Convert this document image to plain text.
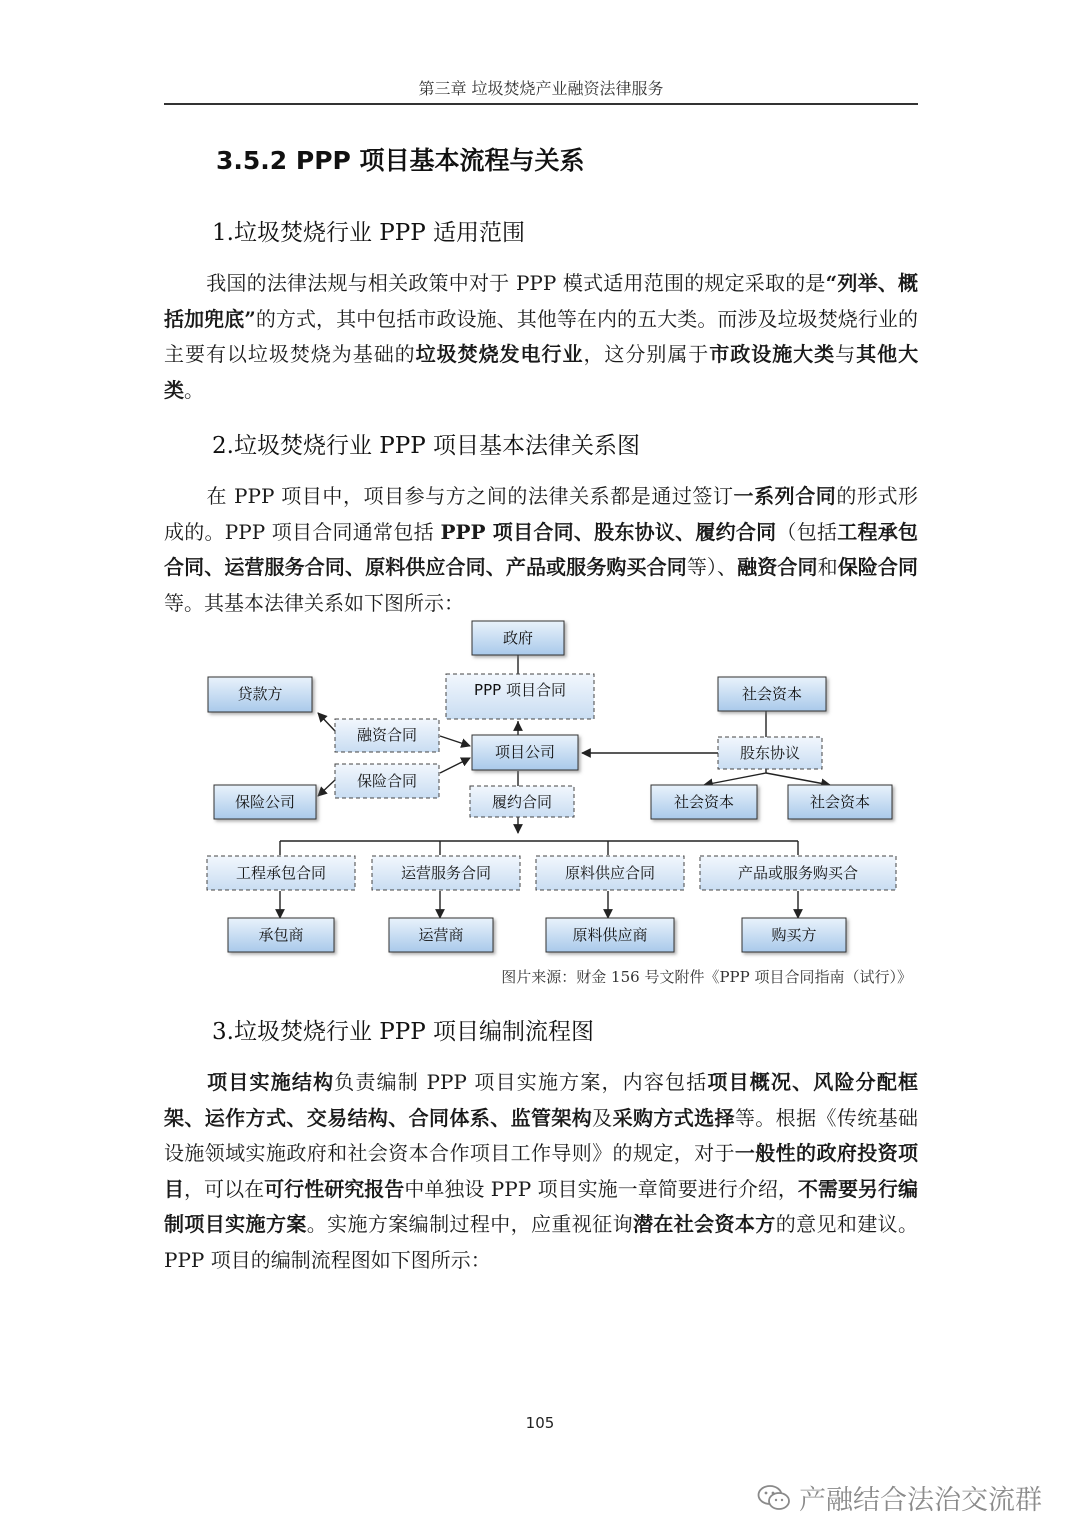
第三章 垃圾焚烧产业融资法律服务
3.5.2 PPP 项目基本流程与关系
1.垃圾焚烧行业 PPP 适用范围

我国的法律法规与相关政策中对于 PPP 模式适用范围的规定采取的是“列举、概括加兜底”的方式，其中包括市政设施、其他等在内的五大类。而涉及垃圾焚烧行业的主要有以垃圾焚烧为基础的垃圾焚烧发电行业，这分别属于市政设施大类与其他大类。

2.垃圾焚烧行业 PPP 项目基本法律关系图

在 PPP 项目中，项目参与方之间的法律关系都是通过签订一系列合同的形式形成的。PPP 项目合同通常包括 PPP 项目合同、股东协议、履约合同（包括工程承包合同、运营服务合同、原料供应合同、产品或服务购买合同等）、融资合同和保险合同等。其基本法律关系如下图所示：

政府
贷款方
项目公司
保险公司
社会资本
社会资本	社会资本
承包商	运营商	原料供应商	购买方
PPP 项目合同
融资合同
保险合同
履约合同
股东协议
工程承包合同	运营服务合同	原料供应合同	产品或服务购买合
图片来源：财金 156 号文附件《PPP 项目合同指南（试行）》
3.垃圾焚烧行业 PPP 项目编制流程图

项目实施结构负责编制 PPP 项目实施方案，内容包括项目概况、风险分配框架、运作方式、交易结构、合同体系、监管架构及采购方式选择等。根据《传统基础设施领域实施政府和社会资本合作项目工作导则》的规定，对于一般性的政府投资项目，可以在可行性研究报告中单独设 PPP 项目实施一章简要进行介绍，不需要另行编制项目实施方案。实施方案编制过程中，应重视征询潜在社会资本方的意见和建议。PPP 项目的编制流程图如下图所示：

105
产融结合法治交流群
